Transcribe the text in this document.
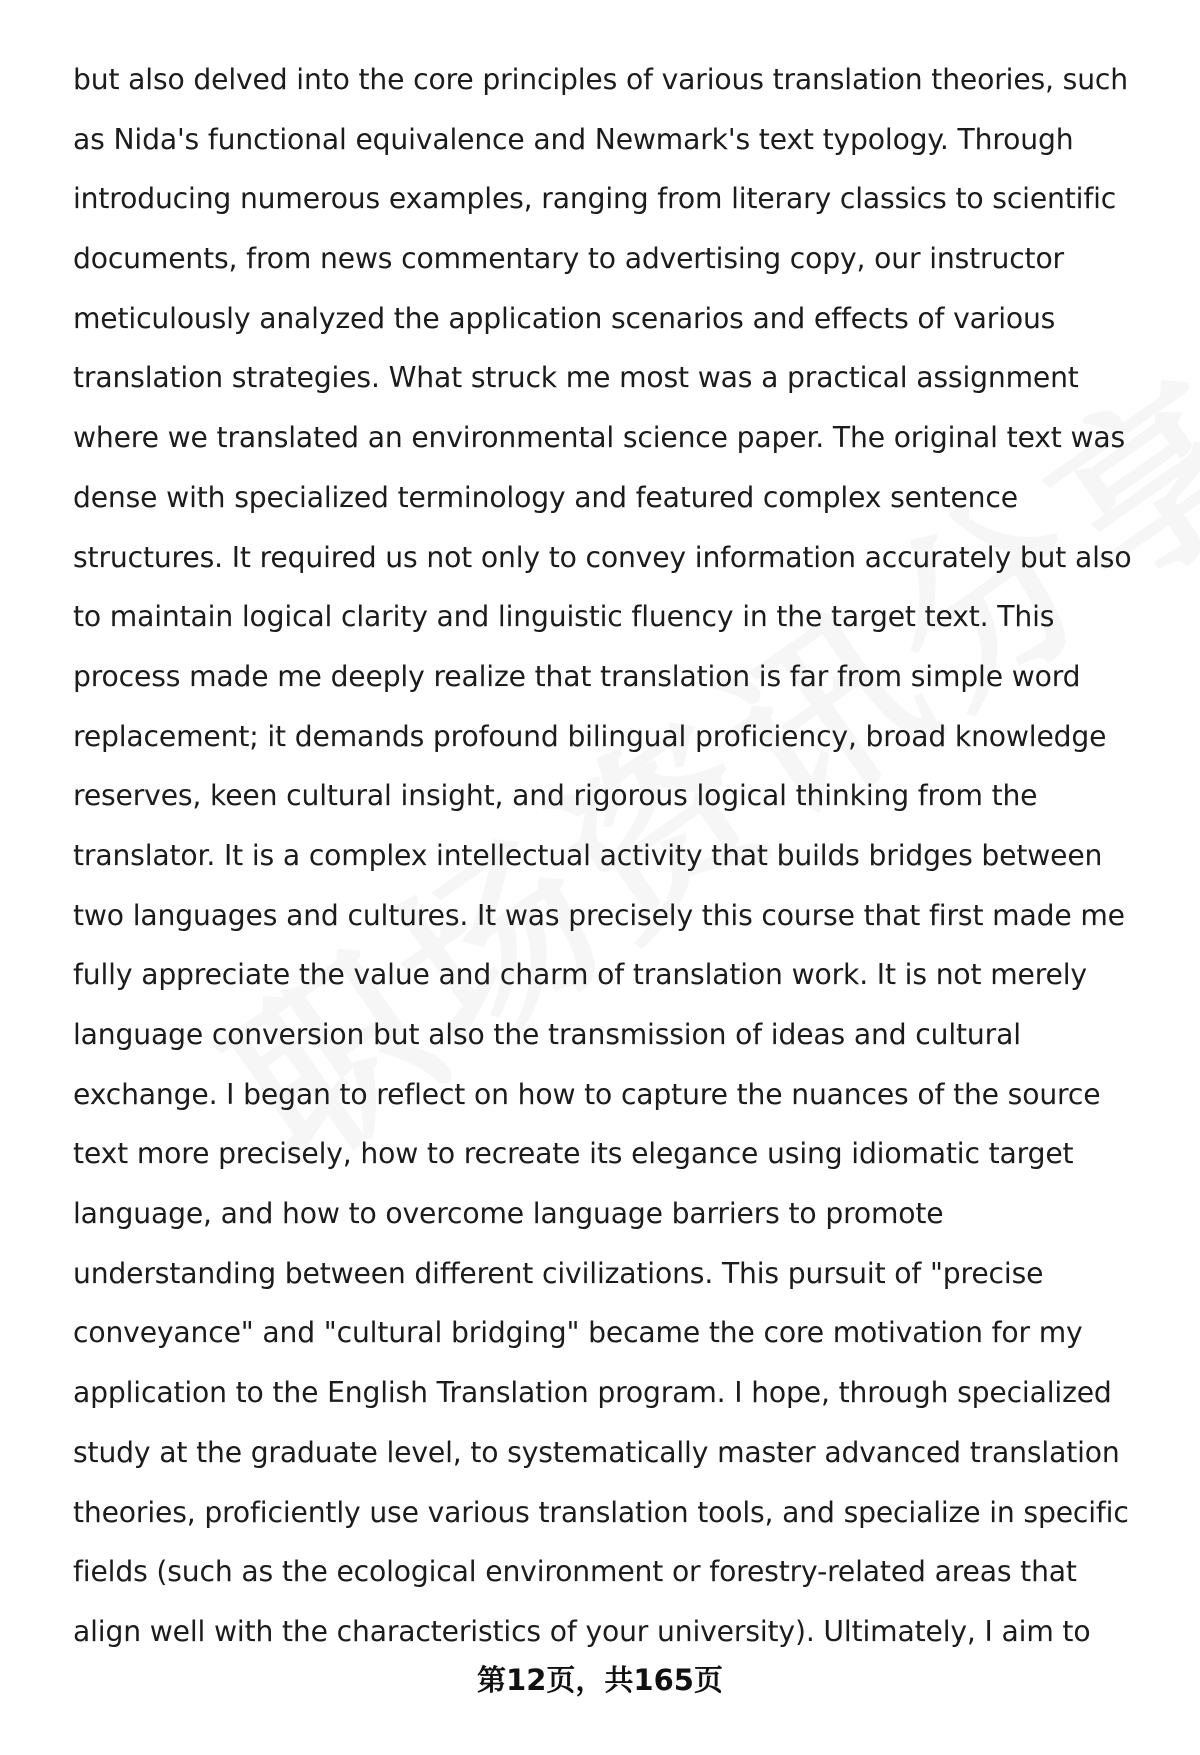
but also delved into the core principles of various translation theories, such
as Nida's functional equivalence and Newmark's text typology. Through
introducing numerous examples, ranging from literary classics to scientific
documents, from news commentary to advertising copy, our instructor
meticulously analyzed the application scenarios and effects of various
translation strategies. What struck me most was a practical assignment
where we translated an environmental science paper. The original text was
dense with specialized terminology and featured complex sentence
structures. It required us not only to convey information accurately but also
to maintain logical clarity and linguistic fluency in the target text. This
process made me deeply realize that translation is far from simple word
replacement; it demands profound bilingual proficiency, broad knowledge
reserves, keen cultural insight, and rigorous logical thinking from the
translator. It is a complex intellectual activity that builds bridges between
two languages and cultures. It was precisely this course that first made me
fully appreciate the value and charm of translation work. It is not merely
language conversion but also the transmission of ideas and cultural
exchange. I began to reflect on how to capture the nuances of the source
text more precisely, how to recreate its elegance using idiomatic target
language, and how to overcome language barriers to promote
understanding between different civilizations. This pursuit of "precise
conveyance" and "cultural bridging" became the core motivation for my
application to the English Translation program. I hope, through specialized
study at the graduate level, to systematically master advanced translation
theories, proficiently use various translation tools, and specialize in specific
fields (such as the ecological environment or forestry-related areas that
align well with the characteristics of your university). Ultimately, I aim to
第12页，共165页
